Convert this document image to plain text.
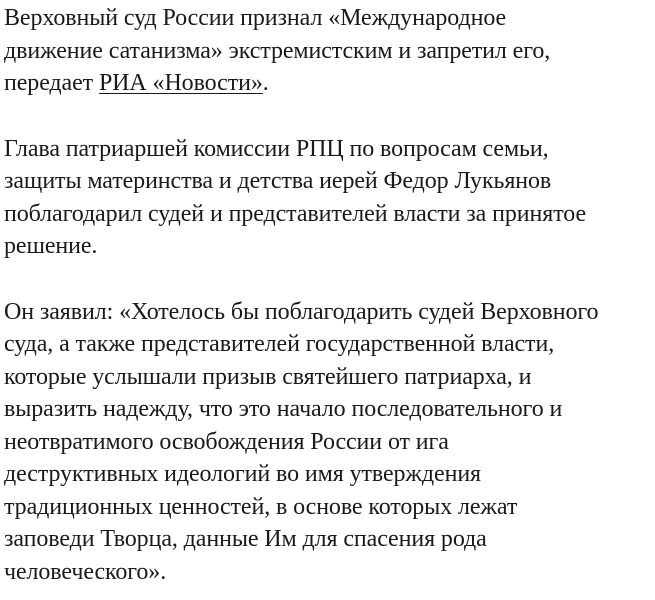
Верховный суд России признал «Международное
движение сатанизма» экстремистским и запретил его,
передает РИА «Новости».

Глава патриаршей комиссии РПЦ по вопросам семьи,
защиты материнства и детства иерей Федор Лукьянов
поблагодарил судей и представителей власти за принятое
решение.

Он заявил: «Хотелось бы поблагодарить судей Верховного
суда, а также представителей государственной власти,
которые услышали призыв святейшего патриарха, и
выразить надежду, что это начало последовательного и
неотвратимого освобождения России от ига
деструктивных идеологий во имя утверждения
традиционных ценностей, в основе которых лежат
заповеди Творца, данные Им для спасения рода
человеческого».
